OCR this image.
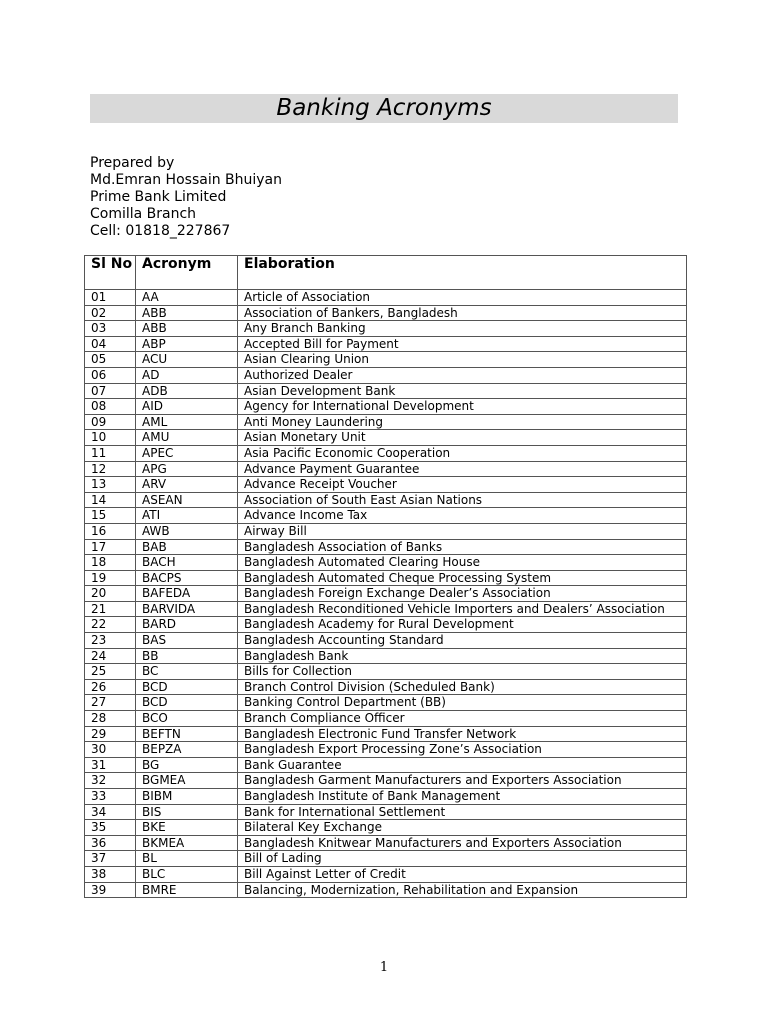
Banking Acronyms
Prepared by
Md.Emran Hossain Bhuiyan
Prime Bank Limited
Comilla Branch
Cell: 01818_227867
Sl No	Acronym	Elaboration
01	AA	Article of Association
02	ABB	Association of Bankers, Bangladesh
03	ABB	Any Branch Banking
04	ABP	Accepted Bill for Payment
05	ACU	Asian Clearing Union
06	AD	Authorized Dealer
07	ADB	Asian Development Bank
08	AID	Agency for International Development
09	AML	Anti Money Laundering
10	AMU	Asian Monetary Unit
11	APEC	Asia Pacific Economic Cooperation
12	APG	Advance Payment Guarantee
13	ARV	Advance Receipt Voucher
14	ASEAN	Association of South East Asian Nations
15	ATI	Advance Income Tax
16	AWB	Airway Bill
17	BAB	Bangladesh Association of Banks
18	BACH	Bangladesh Automated Clearing House
19	BACPS	Bangladesh Automated Cheque Processing System
20	BAFEDA	Bangladesh Foreign Exchange Dealer’s Association
21	BARVIDA	Bangladesh Reconditioned Vehicle Importers and Dealers’ Association
22	BARD	Bangladesh Academy for Rural Development
23	BAS	Bangladesh Accounting Standard
24	BB	Bangladesh Bank
25	BC	Bills for Collection
26	BCD	Branch Control Division (Scheduled Bank)
27	BCD	Banking Control Department (BB)
28	BCO	Branch Compliance Officer
29	BEFTN	Bangladesh Electronic Fund Transfer Network
30	BEPZA	Bangladesh Export Processing Zone’s Association
31	BG	Bank Guarantee
32	BGMEA	Bangladesh Garment Manufacturers and Exporters Association
33	BIBM	Bangladesh Institute of Bank Management
34	BIS	Bank for International Settlement
35	BKE	Bilateral Key Exchange
36	BKMEA	Bangladesh Knitwear Manufacturers and Exporters Association
37	BL	Bill of Lading
38	BLC	Bill Against Letter of Credit
39	BMRE	Balancing, Modernization, Rehabilitation and Expansion
1
